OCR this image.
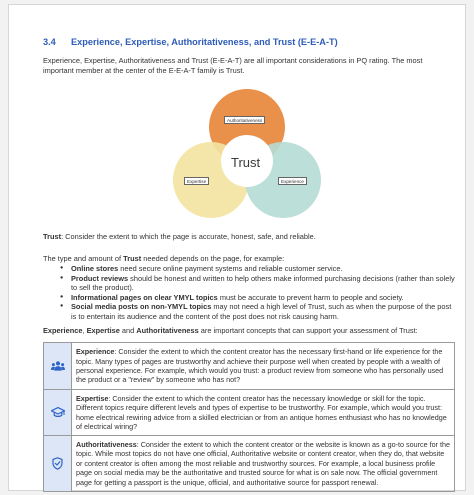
3.4 Experience, Expertise, Authoritativeness, and Trust (E-E-A-T)

Experience, Expertise, Authoritativeness and Trust (E-E-A-T) are all important considerations in PQ rating. The most important member at the center of the E-E-A-T family is Trust.

Authoritativeness
Expertise	Experience
Trust

Trust: Consider the extent to which the page is accurate, honest, safe, and reliable.

The type and amount of Trust needed depends on the page, for example:

● Online stores need secure online payment systems and reliable customer service.
● Product reviews should be honest and written to help others make informed purchasing decisions (rather than solely to sell the product).
● Informational pages on clear YMYL topics must be accurate to prevent harm to people and society.
● Social media posts on non-YMYL topics may not need a high level of Trust, such as when the purpose of the post is to entertain its audience and the content of the post does not risk causing harm.

Experience, Expertise and Authoritativeness are important concepts that can support your assessment of Trust:

	Experience: Consider the extent to which the content creator has the necessary first-hand or life experience for the topic. Many types of pages are trustworthy and achieve their purpose well when created by people with a wealth of personal experience. For example, which would you trust: a product review from someone who has personally used the product or a "review" by someone who has not?

	Expertise: Consider the extent to which the content creator has the necessary knowledge or skill for the topic. Different topics require different levels and types of expertise to be trustworthy. For example, which would you trust: home electrical rewiring advice from a skilled electrician or from an antique homes enthusiast who has no knowledge of electrical wiring?

	Authoritativeness: Consider the extent to which the content creator or the website is known as a go-to source for the topic. While most topics do not have one official, Authoritative website or content creator, when they do, that website or content creator is often among the most reliable and trustworthy sources. For example, a local business profile page on social media may be the authoritative and trusted source for what is on sale now. The official government page for getting a passport is the unique, official, and authoritative source for passport renewal.
